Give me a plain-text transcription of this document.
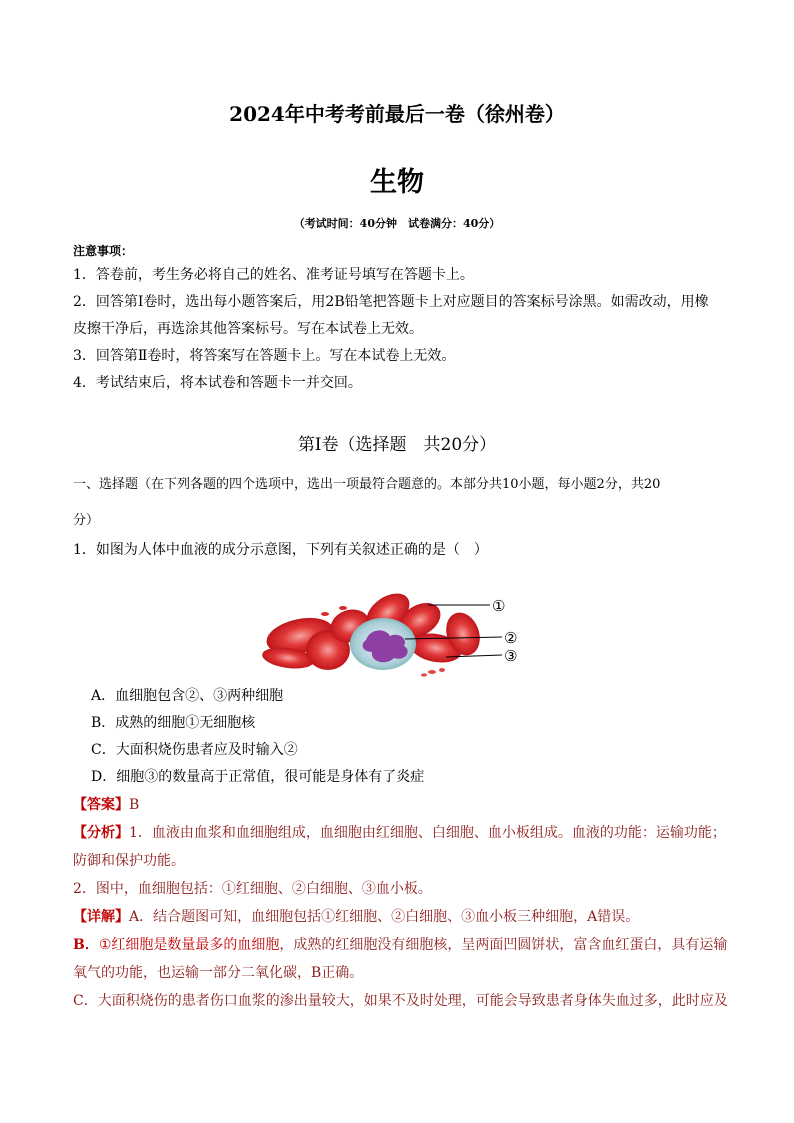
2024年中考考前最后一卷（徐州卷）
生物
（考试时间：40分钟　试卷满分：40分）

注意事项：

1．答卷前，考生务必将自己的姓名、准考证号填写在答题卡上。

2．回答第Ⅰ卷时，选出每小题答案后，用2B铅笔把答题卡上对应题目的答案标号涂黑。如需改动，用橡

皮擦干净后，再选涂其他答案标号。写在本试卷上无效。

3．回答第Ⅱ卷时，将答案写在答题卡上。写在本试卷上无效。

4．考试结束后，将本试卷和答题卡一并交回。

第Ⅰ卷（选择题　共20分）
一、选择题（在下列各题的四个选项中，选出一项最符合题意的。本部分共10小题，每小题2分，共20
分）
1．如图为人体中血液的成分示意图，下列有关叙述正确的是（　）
①
②
③

A．血细胞包含②、③两种细胞

B．成熟的细胞①无细胞核

C．大面积烧伤患者应及时输入②

D．细胞③的数量高于正常值，很可能是身体有了炎症

【答案】B

【分析】1．血液由血浆和血细胞组成，血细胞由红细胞、白细胞、血小板组成。血液的功能：运输功能；

防御和保护功能。

2．图中，血细胞包括：①红细胞、②白细胞、③血小板。

【详解】A．结合题图可知，血细胞包括①红细胞、②白细胞、③血小板三种细胞，A错误。

B．①红细胞是数量最多的血细胞，成熟的红细胞没有细胞核，呈两面凹圆饼状，富含血红蛋白，具有运输

氧气的功能，也运输一部分二氧化碳，B正确。

C．大面积烧伤的患者伤口血浆的渗出量较大，如果不及时处理，可能会导致患者身体失血过多，此时应及
